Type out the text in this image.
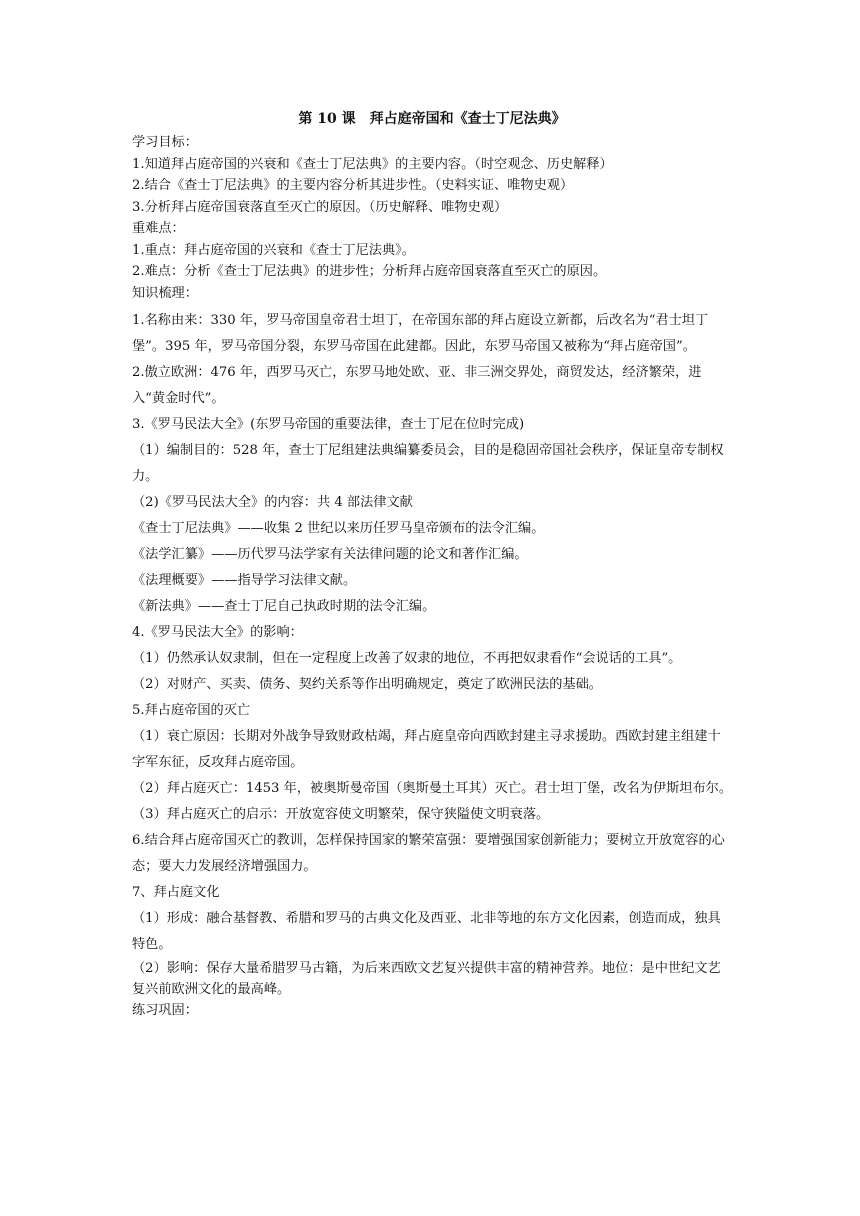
第 10 课　拜占庭帝国和《查士丁尼法典》

学习目标：

1.知道拜占庭帝国的兴衰和《查士丁尼法典》的主要内容。（时空观念、历史解释）

2.结合《查士丁尼法典》的主要内容分析其进步性。（史料实证、唯物史观）

3.分析拜占庭帝国衰落直至灭亡的原因。（历史解释、唯物史观）

重难点：

1.重点：拜占庭帝国的兴衰和《查士丁尼法典》。

2.难点：分析《查士丁尼法典》的进步性；分析拜占庭帝国衰落直至灭亡的原因。

知识梳理：

1.名称由来：330 年，罗马帝国皇帝君士坦丁，在帝国东部的拜占庭设立新都，后改名为“君士坦丁堡”。395 年，罗马帝国分裂，东罗马帝国在此建都。因此，东罗马帝国又被称为“拜占庭帝国”。

2.傲立欧洲：476 年，西罗马灭亡，东罗马地处欧、亚、非三洲交界处，商贸发达，经济繁荣，进入“黄金时代”。

3.《罗马民法大全》(东罗马帝国的重要法律，查士丁尼在位时完成)

（1）编制目的：528 年，查士丁尼组建法典编纂委员会，目的是稳固帝国社会秩序，保证皇帝专制权力。

（2)《罗马民法大全》的内容：共 4 部法律文献

《查士丁尼法典》——收集 2 世纪以来历任罗马皇帝颁布的法令汇编。

《法学汇纂》——历代罗马法学家有关法律问题的论文和著作汇编。

《法理概要》——指导学习法律文献。

《新法典》——查士丁尼自己执政时期的法令汇编。

4.《罗马民法大全》的影响：

（1）仍然承认奴隶制，但在一定程度上改善了奴隶的地位，不再把奴隶看作“会说话的工具”。

（2）对财产、买卖、债务、契约关系等作出明确规定，奠定了欧洲民法的基础。

5.拜占庭帝国的灭亡

（1）衰亡原因：长期对外战争导致财政枯竭，拜占庭皇帝向西欧封建主寻求援助。西欧封建主组建十字军东征，反攻拜占庭帝国。

（2）拜占庭灭亡：1453 年，被奥斯曼帝国（奥斯曼土耳其）灭亡。君士坦丁堡，改名为伊斯坦布尔。

（3）拜占庭灭亡的启示：开放宽容使文明繁荣，保守狭隘使文明衰落。

6.结合拜占庭帝国灭亡的教训，怎样保持国家的繁荣富强：要增强国家创新能力；要树立开放宽容的心态；要大力发展经济增强国力。

7、拜占庭文化

（1）形成：融合基督教、希腊和罗马的古典文化及西亚、北非等地的东方文化因素，创造而成，独具特色。

（2）影响：保存大量希腊罗马古籍，为后来西欧文艺复兴提供丰富的精神营养。地位：是中世纪文艺复兴前欧洲文化的最高峰。

练习巩固：
